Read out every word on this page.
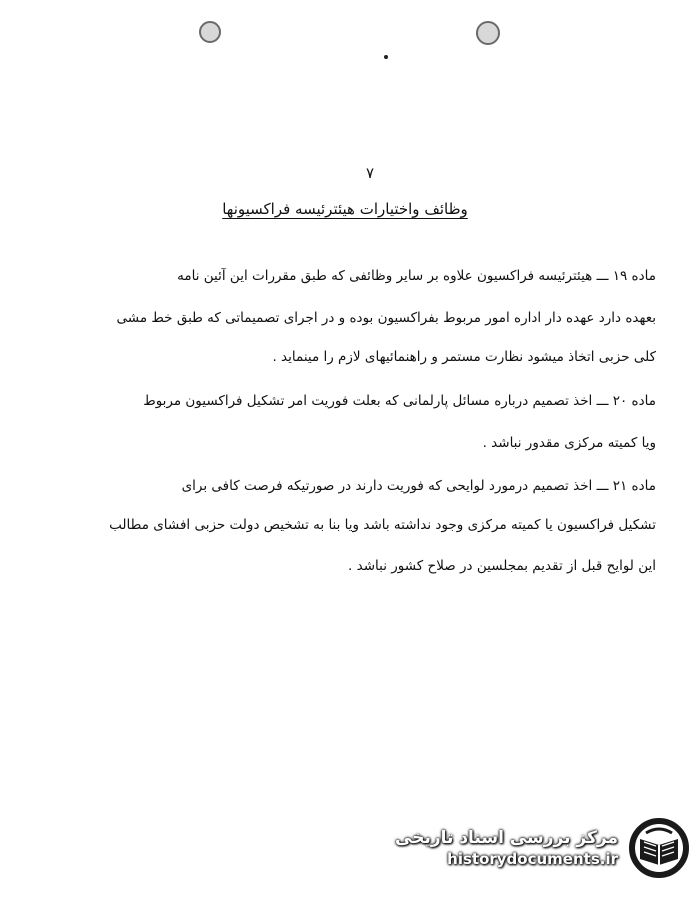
۷
وظائف واختیارات هیئترئیسه فراکسیونها
ماده ۱۹ ـــ هیئترئیسه فراکسیون علاوه بر سایر وظائفی که طبق مقررات این آئین نامه
بعهده دارد عهده دار اداره امور مربوط بفراکسیون بوده و در اجرای تصمیماتی که طبق خط مشی
کلی حزبی اتخاذ میشود نظارت مستمر و راهنمائیهای لازم را مینماید .
ماده ۲۰ ـــ اخذ تصمیم درباره مسائل پارلمانی که بعلت فوریت امر تشکیل فراکسیون مربوط
ویا کمیته مرکزی مقدور نباشد .
ماده ۲۱ ـــ اخذ تصمیم درمورد لوایحی که فوریت دارند در صورتیکه فرصت کافی برای
تشکیل فراکسیون یا کمیته مرکزی وجود نداشته باشد ویا بنا به تشخیص دولت حزبی افشای مطالب
این لوایح قبل از تقدیم بمجلسین در صلاح کشور نباشد .
مرکز بررسی اسناد تاریخی
historydocuments.ir
